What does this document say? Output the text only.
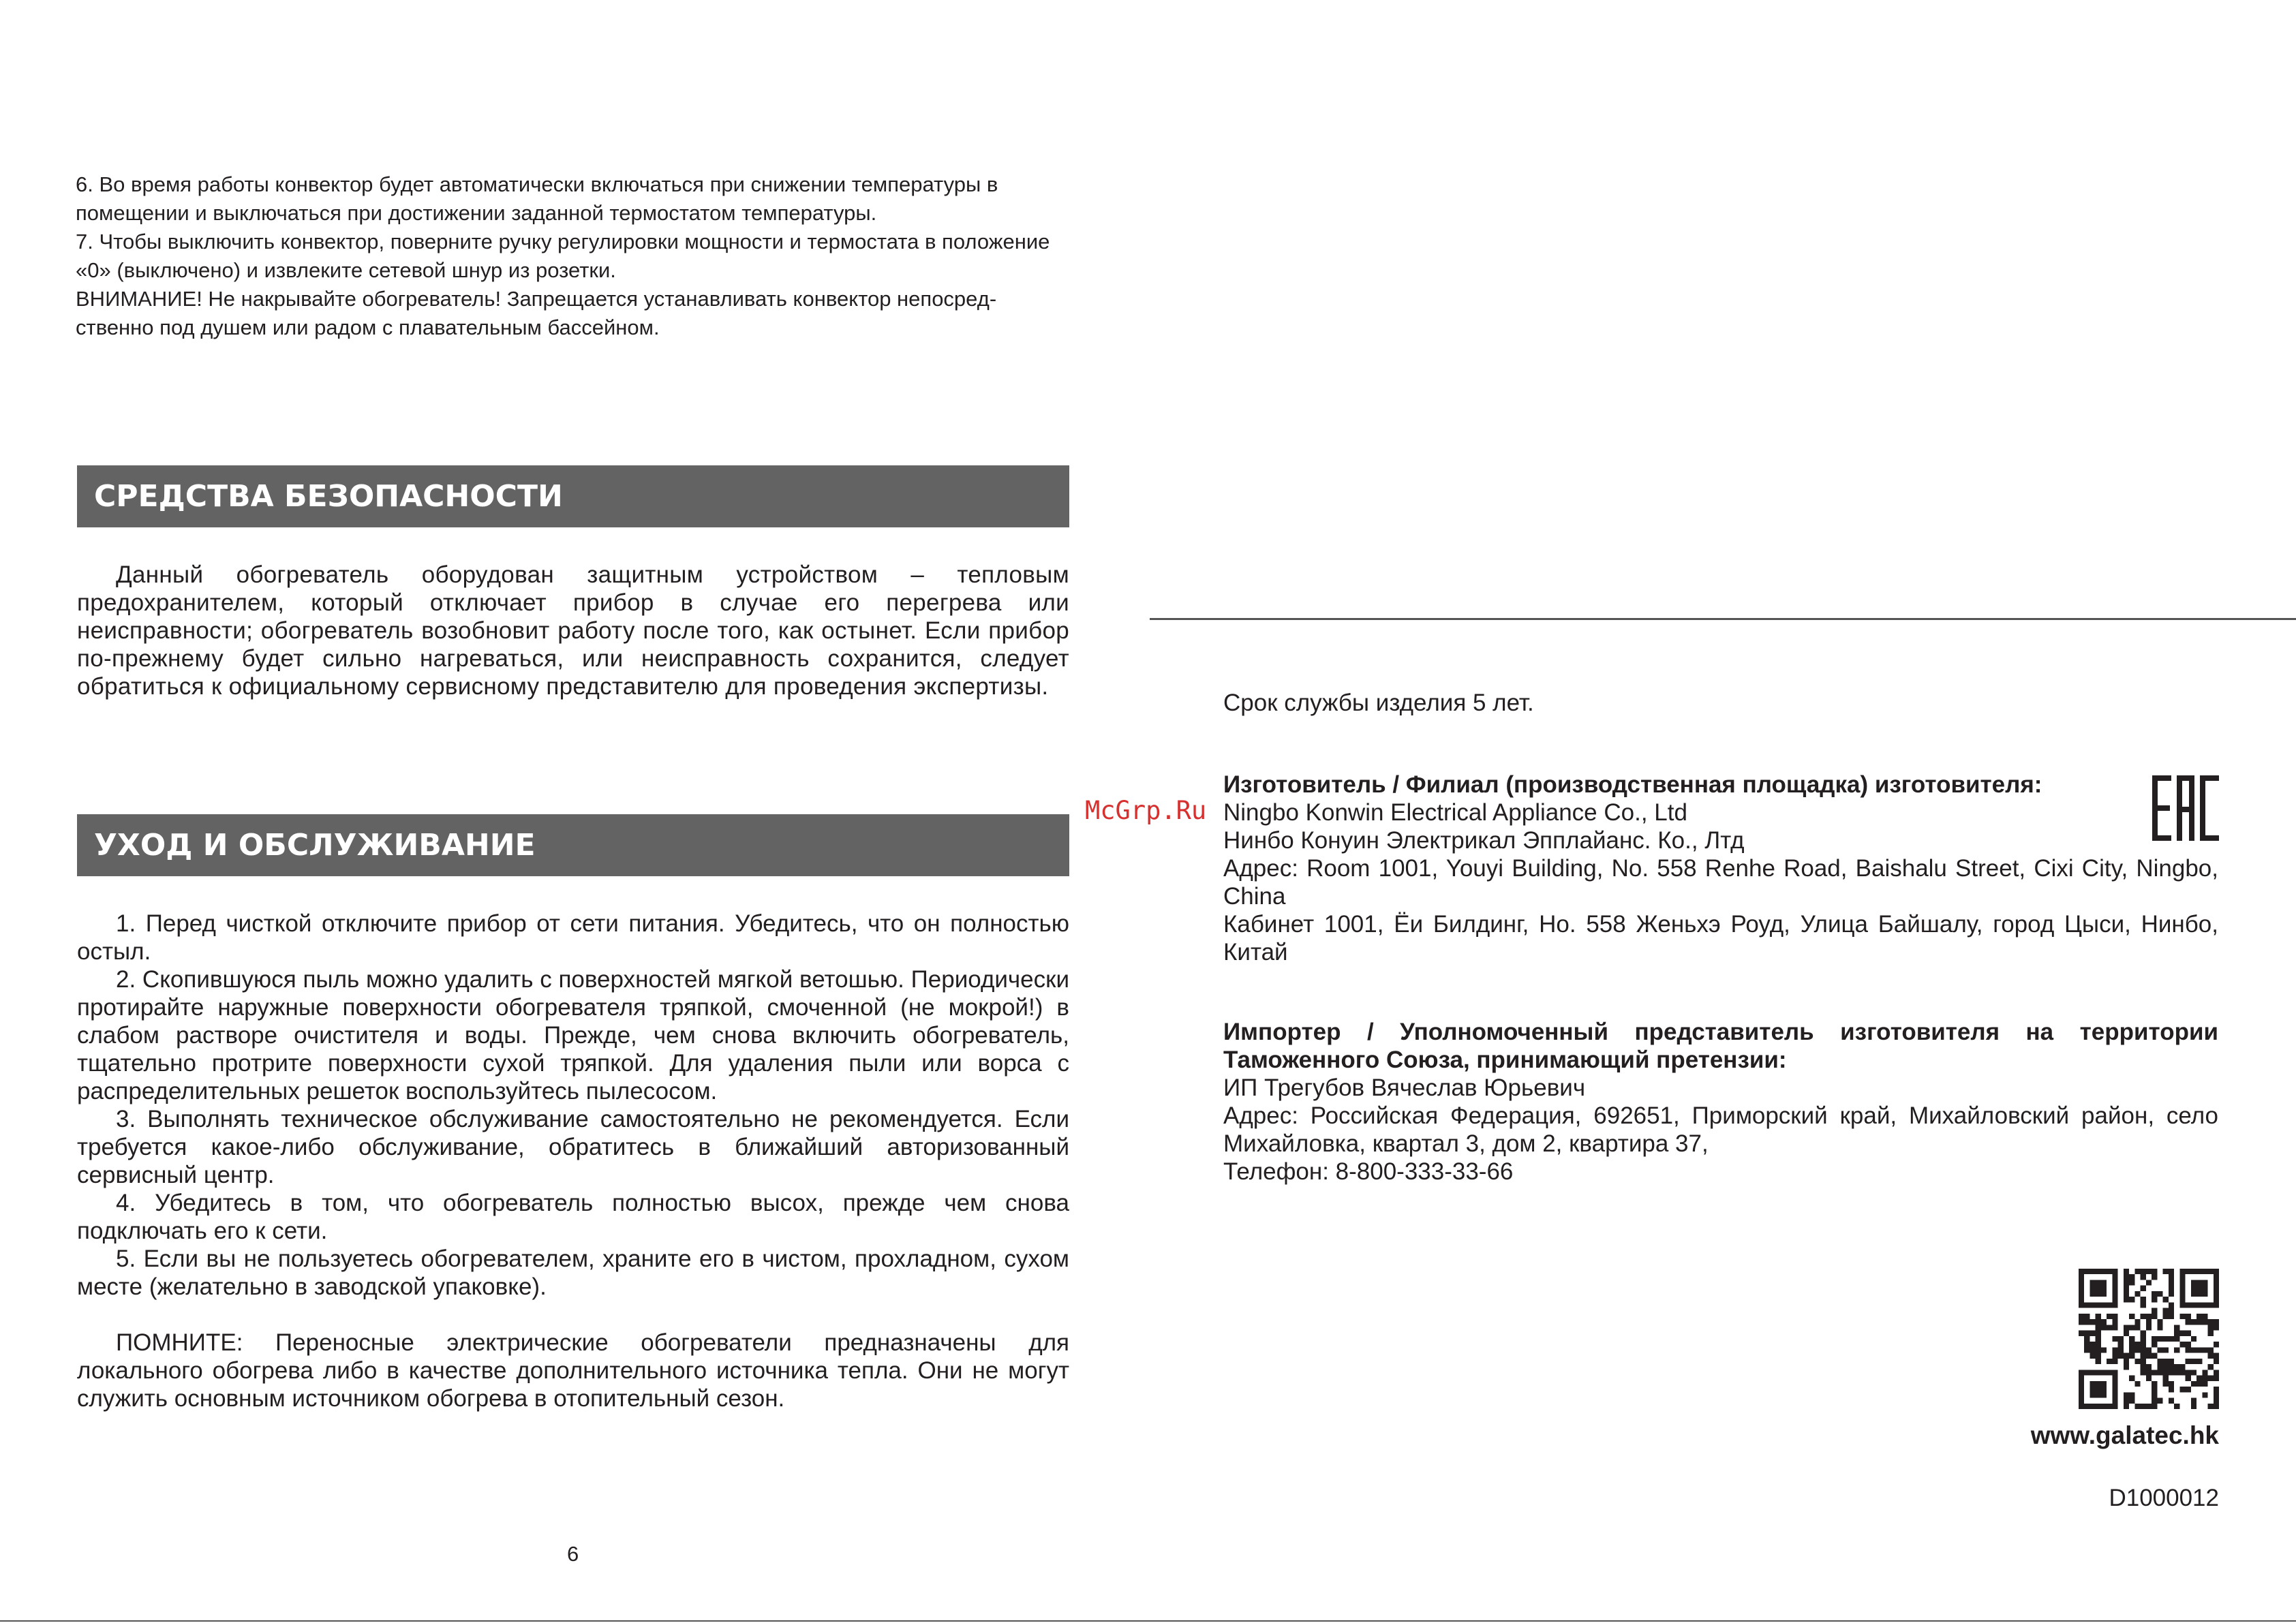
6. Во время работы конвектор будет автоматически включаться при снижении температуры в помещении и выключаться при достижении заданной термостатом температуры.

7. Чтобы выключить конвектор, поверните ручку регулировки мощности и термостата в положение «0» (выключено) и извлеките сетевой шнур из розетки.

ВНИМАНИЕ! Не накрывайте обогреватель! Запрещается устанавливать конвектор непосред-ственно под душем или радом с плавательным бассейном.

СРЕДСТВА БЕЗОПАСНОСТИ

Данный обогреватель оборудован защитным устройством – тепловым предохранителем, который отключает прибор в случае его перегрева или неисправности; обогреватель возобновит работу после того, как остынет. Если прибор по-прежнему будет сильно нагреваться, или неисправность сохранится, следует обратиться к официальному сервисному представителю для проведения экспертизы.

УХОД И ОБСЛУЖИВАНИЕ

1. Перед чисткой отключите прибор от сети питания. Убедитесь, что он полностью остыл.

2. Скопившуюся пыль можно удалить с поверхностей мягкой ветошью. Периодически протирайте наружные поверхности обогревателя тряпкой, смоченной (не мокрой!) в слабом растворе очистителя и воды. Прежде, чем снова включить обогреватель, тщательно протрите поверхности сухой тряпкой. Для удаления пыли или ворса с распределительных решеток воспользуйтесь пылесосом.

3. Выполнять техническое обслуживание самостоятельно не рекомендуется. Если требуется какое-либо обслуживание, обратитесь в ближайший авторизованный сервисный центр.

4. Убедитесь в том, что обогреватель полностью высох, прежде чем снова подключать его к сети.

5. Если вы не пользуетесь обогревателем, храните его в чистом, прохладном, сухом месте (желательно в заводской упаковке).

ПОМНИТЕ: Переносные электрические обогреватели предназначены для локального обогрева либо в качестве дополнительного источника тепла. Они не могут служить основным источником обогрева в отопительный сезон.

6
McGrp.Ru
Срок службы изделия 5 лет.

Изготовитель / Филиал (производственная площадка) изготовителя:

Ningbo Konwin Electrical Appliance Co., Ltd

Нинбо Конуин Электрикал Эпплайанс. Ко., Лтд

Адрес: Room 1001, Youyi Building, No. 558 Renhe Road, Baishalu Street, Cixi City, Ningbo, China

Кабинет 1001, Ёи Билдинг, Но. 558 Женьхэ Роуд, Улица Байшалу, город Цыси, Нинбо, Китай

Импортер / Уполномоченный представитель изготовителя на территории Таможенного Союза, принимающий претензии:

ИП Трегубов Вячеслав Юрьевич

Адрес: Российская Федерация, 692651, Приморский край, Михайловский район, село Михайловка, квартал 3, дом 2, квартира 37,

Телефон: 8-800-333-33-66

www.galatec.hk
D1000012
